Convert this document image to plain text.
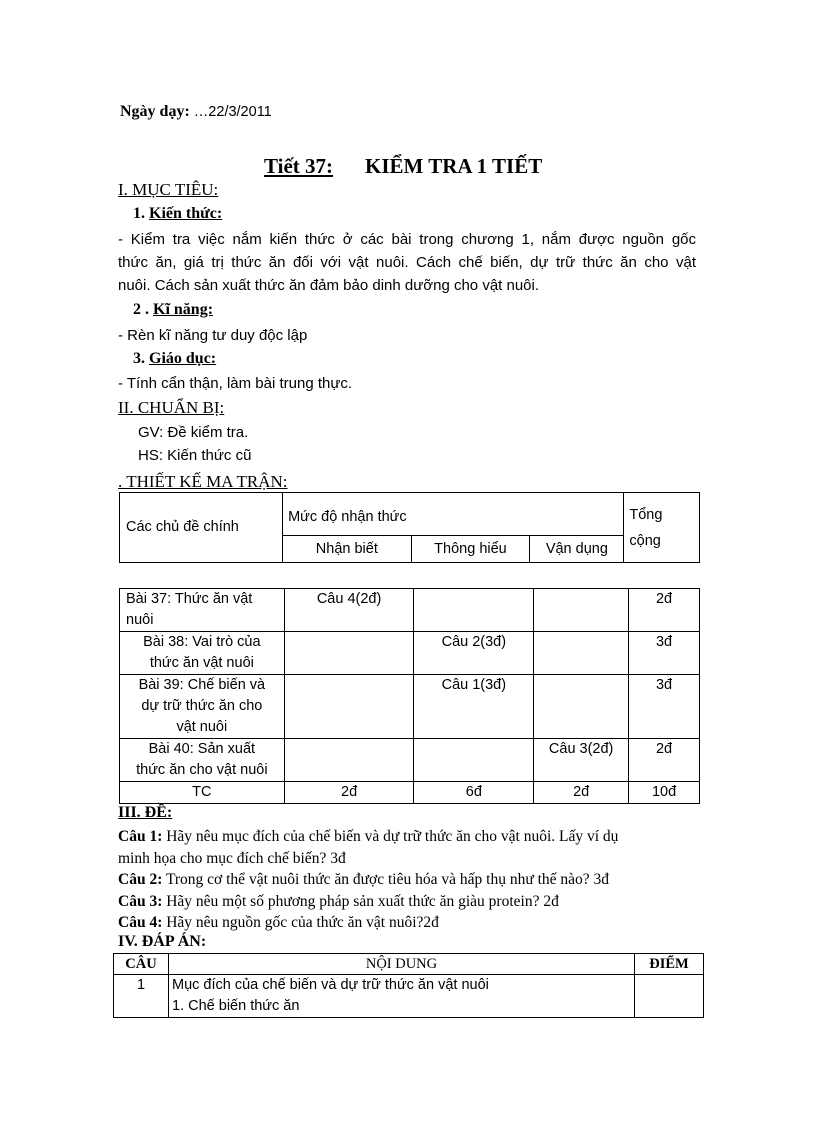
Ngày dạy: …22/3/2011
Tiết 37: KIỂM TRA 1 TIẾT
I. MỤC TIÊU:
1. Kiến thức:
- Kiểm tra việc nắm kiến thức ở các bài trong chương 1, nắm được nguồn gốc
thức ăn, giá trị thức ăn đối với vật nuôi. Cách chế biến, dự trữ thức ăn cho vật
nuôi. Cách sản xuất thức ăn đảm bảo dinh dưỡng cho vật nuôi.
2 . Kĩ năng:
- Rèn kĩ năng tư duy độc lập
3. Giáo dục:
- Tính cẩn thận, làm bài trung thực.
II. CHUẨN BỊ:
GV: Đề kiểm tra.
HS: Kiến thức cũ
. THIẾT KẾ MA TRẬN:
Các chủ đề chính	Mức độ nhận thức			Tổng cộng

	Nhận biết	Thông hiểu	Vận dụng	
Bài 37: Thức ăn vật
nuôi	Câu 4(2đ)			2đ

Bài 38: Vai trò của
thức ăn vật nuôi		Câu 2(3đ)		3đ

Bài 39: Chế biến và
dự trữ thức ăn cho
vật nuôi		Câu 1(3đ)		3đ

Bài 40: Sản xuất
thức ăn cho vật nuôi			Câu 3(2đ)	2đ
TC	2đ	6đ	2đ	10đ
III. ĐỀ:
Câu 1: Hãy nêu mục đích của chế biến và dự trữ thức ăn cho vật nuôi. Lấy ví dụ
minh họa cho mục đích chế biến? 3đ
Câu 2: Trong cơ thể vật nuôi thức ăn được tiêu hóa và hấp thụ như thế nào? 3đ
Câu 3: Hãy nêu một số phương pháp sản xuất thức ăn giàu protein? 2đ
Câu 4: Hãy nêu nguồn gốc của thức ăn vật nuôi?2đ
IV. ĐÁP ÁN:
CÂU	NỘI DUNG	ĐIỂM
1	Mục đích của chế biến và dự trữ thức ăn vật nuôi
1. Chế biến thức ăn	
